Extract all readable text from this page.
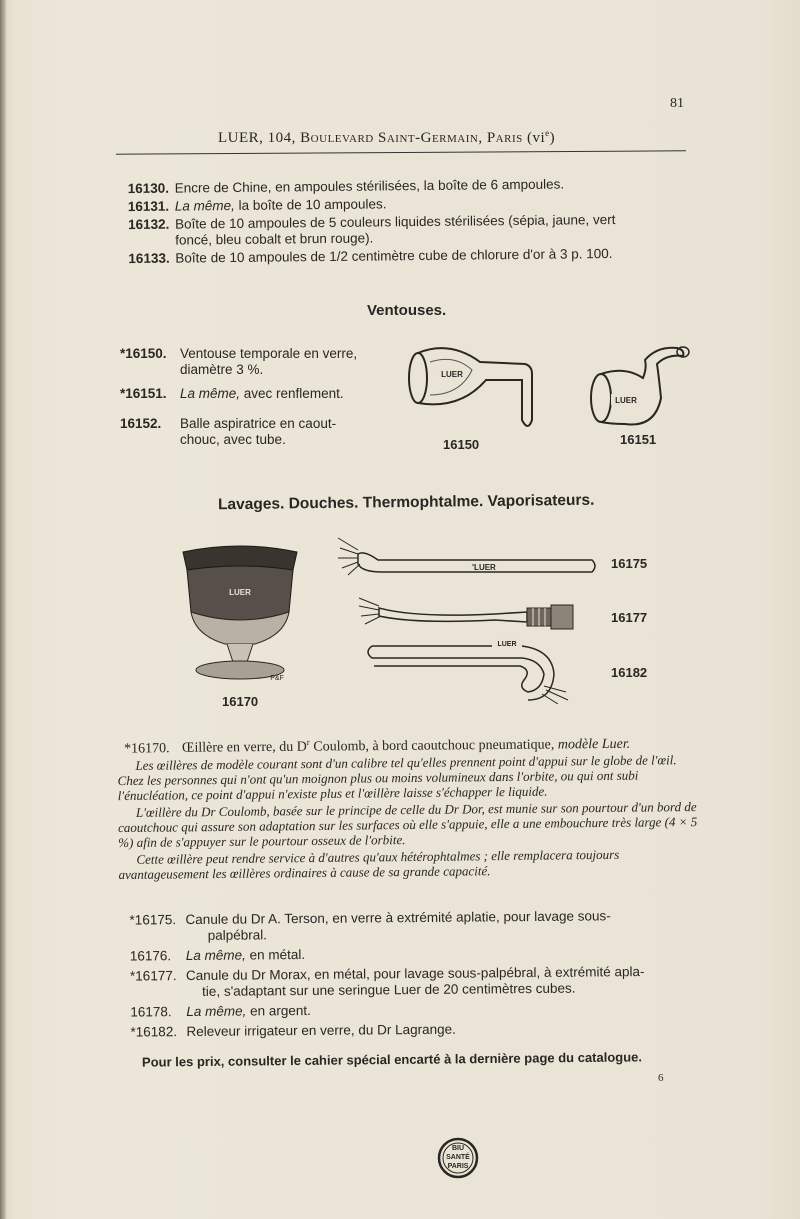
81
LUER, 104, Boulevard Saint-Germain, Paris $(vi^e)$
16130. Encre de Chine, en ampoules stérilisées, la boîte de 6 ampoules.
16131. La même, la boîte de 10 ampoules.
16132. Boîte de 10 ampoules de 5 couleurs liquides stérilisées (sépia, jaune, vert
foncé, bleu cobalt et brun rouge).
16133. Boîte de 10 ampoules de 1/2 centimètre cube de chlorure d'or à 3 p. 100.
Ventouses.
*16150. Ventouse temporale en verre,
diamètre 3 %.
*16151. La même, avec renflement.
16152. Balle aspiratrice en caout-
chouc, avec tube.
LUER
16150
LUER
16151
Lavages. Douches. Thermophtalme. Vaporisateurs.
LUER
P&F
16170
'LUER	16175
16177
LUER
16182
*16170. Œillère en verre, du $D^r$ Coulomb, à bord caoutchouc pneumatique, modèle Luer.

Les œillères de modèle courant sont d'un calibre tel qu'elles prennent point d'appui sur le globe de l'œil. Chez les personnes qui n'ont qu'un moignon plus ou moins volumineux dans l'orbite, ou qui ont subi l'énucléation, ce point d'appui n'existe plus et l'œillère laisse s'échapper le liquide.

L'œillère du Dr Coulomb, basée sur le principe de celle du Dr Dor, est munie sur son pourtour d'un bord de caoutchouc qui assure son adaptation sur les surfaces où elle s'appuie, elle a une embouchure très large (4 × 5 %) afin de s'appuyer sur le pourtour osseux de l'orbite.

Cette œillère peut rendre service à d'autres qu'aux hétérophtalmes ; elle remplacera toujours avantageusement les œillères ordinaires à cause de sa grande capacité.

*16175. Canule du Dr A. Terson, en verre à extrémité aplatie, pour lavage sous-
palpébral.
16176. La même, en métal.
*16177. Canule du Dr Morax, en métal, pour lavage sous-palpébral, à extrémité apla-
tie, s'adaptant sur une seringue Luer de 20 centimètres cubes.
16178. La même, en argent.
*16182. Releveur irrigateur en verre, du Dr Lagrange.
Pour les prix, consulter le cahier spécial encarté à la dernière page du catalogue.
6
BIU
SANTÉ
PARIS
